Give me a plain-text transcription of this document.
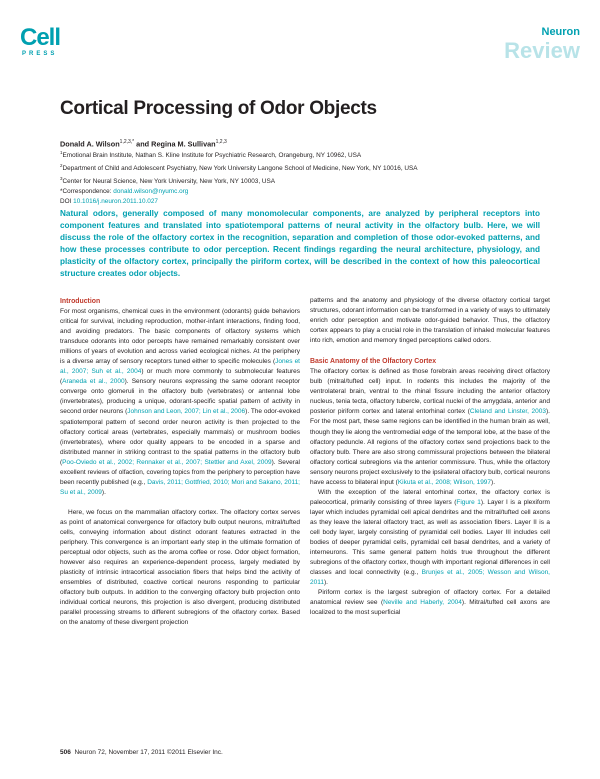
Cell
PRESS
Neuron
Review
Cortical Processing of Odor Objects
Donald A. Wilson$^{1,2,3,*}$ and Regina M. Sullivan$^{1,2,3}$
$^1$Emotional Brain Institute, Nathan S. Kline Institute for Psychiatric Research, Orangeburg, NY 10962, USA
$^2$Department of Child and Adolescent Psychiatry, New York University Langone School of Medicine, New York, NY 10016, USA
$^3$Center for Neural Science, New York University, New York, NY 10003, USA
*Correspondence: donald.wilson@nyumc.org
DOI 10.1016/j.neuron.2011.10.027

Natural odors, generally composed of many monomolecular components, are analyzed by peripheral receptors into component features and translated into spatiotemporal patterns of neural activity in the olfactory bulb. Here, we will discuss the role of the olfactory cortex in the recognition, separation and completion of those odor-evoked patterns, and how these processes contribute to odor perception. Recent findings regarding the neural architecture, physiology, and plasticity of the olfactory cortex, principally the piriform cortex, will be described in the context of how this paleocortical structure creates odor objects.

Introduction

For most organisms, chemical cues in the environment (odorants) guide behaviors critical for survival, including reproduction, mother-infant interactions, finding food, and avoiding predators. The basic components of olfactory systems which transduce odorants into odor percepts have remained remarkably consistent over millions of years of evolution and across varied ecological niches. At the periphery is a diverse array of sensory receptors tuned either to specific molecules (Jones et al., 2007; Suh et al., 2004) or much more commonly to submolecular features (Araneda et al., 2000). Sensory neurons expressing the same odorant receptor converge onto glomeruli in the olfactory bulb (vertebrates) or antennal lobe (invertebrates), producing a unique, odorant-specific spatial pattern of activity in second order neurons (Johnson and Leon, 2007; Lin et al., 2006). The odor-evoked spatiotemporal pattern of second order neuron activity is then projected to the olfactory cortical areas (vertebrates, especially mammals) or mushroom bodies (invertebrates), where odor quality appears to be encoded in a sparse and distributed manner in striking contrast to the spatial patterns in the olfactory bulb (Poo-Oviedo et al., 2002; Rennaker et al., 2007; Stettler and Axel, 2009). Several excellent reviews of olfaction, covering topics from the periphery to perception have been recently published (e.g., Davis, 2011; Gottfried, 2010; Mori and Sakano, 2011; Su et al., 2009).

Here, we focus on the mammalian olfactory cortex. The olfactory cortex serves as point of anatomical convergence for olfactory bulb output neurons, mitral/tufted cells, conveying information about distinct odorant features extracted in the periphery. This convergence is an important early step in the ultimate formation of perceptual odor objects, such as the aroma coffee or rose. Odor object formation, however also requires an experience-dependent process, largely mediated by plasticity of intrinsic intracortical association fibers that helps bind the activity of ensembles of distributed, coactive cortical neurons responding to particular olfactory bulb outputs. In addition to the converging olfactory bulb projection onto individual cortical neurons, this projection is also divergent, producing distributed parallel processing streams to different subregions of the olfactory cortex. Based on the anatomy of these divergent projection

patterns and the anatomy and physiology of the diverse olfactory cortical target structures, odorant information can be transformed in a variety of ways to ultimately enrich odor perception and motivate odor-guided behavior. Thus, the olfactory cortex appears to play a crucial role in the translation of inhaled molecular features into rich, emotion and memory tinged perceptions called odors.

Basic Anatomy of the Olfactory Cortex

The olfactory cortex is defined as those forebrain areas receiving direct olfactory bulb (mitral/tufted cell) input. In rodents this includes the majority of the ventrolateral brain, ventral to the rhinal fissure including the anterior olfactory nucleus, tenia tecta, olfactory tubercle, cortical nuclei of the amygdala, anterior and posterior piriform cortex and lateral entorhinal cortex (Cleland and Linster, 2003). For the most part, these same regions can be identified in the human brain as well, though they lie along the ventromedial edge of the temporal lobe, at the base of the olfactory peduncle. All regions of the olfactory cortex send projections back to the olfactory bulb. There are also strong commissural projections between the bilateral olfactory cortical subregions via the anterior commissure. Thus, while the olfactory sensory neurons project exclusively to the ipsilateral olfactory bulb, cortical neurons have access to bilateral input (Kikuta et al., 2008; Wilson, 1997).

With the exception of the lateral entorhinal cortex, the olfactory cortex is paleocortical, primarily consisting of three layers (Figure 1). Layer I is a plexiform layer which includes pyramidal cell apical dendrites and the mitral/tufted cell axons as they leave the lateral olfactory tract, as well as association fibers. Layer II is a cell body layer, largely consisting of pyramidal cell bodies. Layer III includes cell bodies of deeper pyramidal cells, pyramidal cell basal dendrites, and a variety of interneurons. This same general pattern holds true throughout the different subregions of the olfactory cortex, though with important regional differences in cell classes and local connectivity (e.g., Brunjes et al., 2005; Wesson and Wilson, 2011).

Piriform cortex is the largest subregion of olfactory cortex. For a detailed anatomical review see (Neville and Haberly, 2004). Mitral/tufted cell axons are localized to the most superficial

506 Neuron 72, November 17, 2011 ©2011 Elsevier Inc.
